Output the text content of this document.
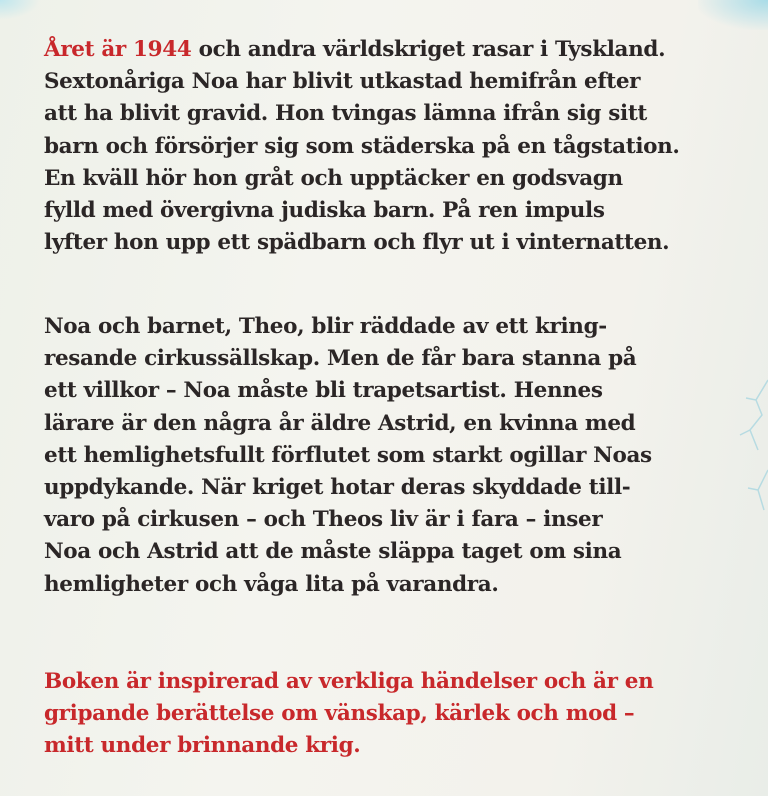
Året är 1944 och andra världskriget rasar i Tyskland.
Sextonåriga Noa har blivit utkastad hemifrån efter
att ha blivit gravid. Hon tvingas lämna ifrån sig sitt
barn och försörjer sig som städerska på en tågstation.
En kväll hör hon gråt och upptäcker en godsvagn
fylld med övergivna judiska barn. På ren impuls
lyfter hon upp ett spädbarn och flyr ut i vinternatten.
Noa och barnet, Theo, blir räddade av ett kring-
resande cirkussällskap. Men de får bara stanna på
ett villkor – Noa måste bli trapetsartist. Hennes
lärare är den några år äldre Astrid, en kvinna med
ett hemlighetsfullt förflutet som starkt ogillar Noas
uppdykande. När kriget hotar deras skyddade till-
varo på cirkusen – och Theos liv är i fara – inser
Noa och Astrid att de måste släppa taget om sina
hemligheter och våga lita på varandra.
Boken är inspirerad av verkliga händelser och är en
gripande berättelse om vänskap, kärlek och mod –
mitt under brinnande krig.
